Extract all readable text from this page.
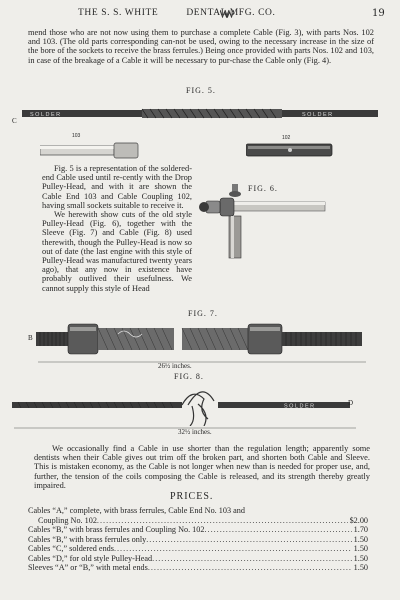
THE S. S. WHITE	DENTAL MFG. CO.	19
mend those who are not now using them to purchase a complete Cable (Fig. 3), with parts Nos. 102 and 103. (The old parts corresponding can-not be used, owing to the necessary increase in the size of the bore of the sockets to receive the brass ferrules.) Being once provided with parts Nos. 102 and 103, in case of the breakage of a Cable it will be necessary to pur-chase the Cable only (Fig. 4).
FIG. 5.
SOLDER	SOLDER
C
103	102

Fig. 5 is a representation of the soldered-end Cable used until re-cently with the Drop Pulley-Head, and with it are shown the Cable End 103 and Cable Coupling 102, having small sockets suitable to receive it.

We herewith show cuts of the old style Pulley-Head (Fig. 6), together with the Sleeve (Fig. 7) and Cable (Fig. 8) used therewith, though the Pulley-Head is now so out of date (the last engine with this style of Pulley-Head was manufactured twenty years ago), that any now in existence have probably outlived their usefulness. We cannot supply this style of Head

FIG. 6.
FIG. 7.
B
26½ inches.
FIG. 8.
SOLDER	D
32½ inches.
We occasionally find a Cable in use shorter than the regulation length; apparently some dentists when their Cable gives out trim off the broken part, and shorten both Cable and Sleeve. This is mistaken economy, as the Cable is not longer when new than is needed for proper use, and, further, the tension of the coils composing the Cable is released, and its strength thereby greatly impaired.
PRICES.
Cables “A,” complete, with brass ferrules, Cable End No. 103 and
Coupling No. 102 .....	$2.00
Cables “B,” with brass ferrules and Coupling No. 102 .....	1.70
Cables “B,” with brass ferrules only .....	1.50
Cables “C,” soldered ends .....	1.50
Cables “D,” for old style Pulley-Head .....	1.50
Sleeves “A” or “B,” with metal ends .....	1.50
